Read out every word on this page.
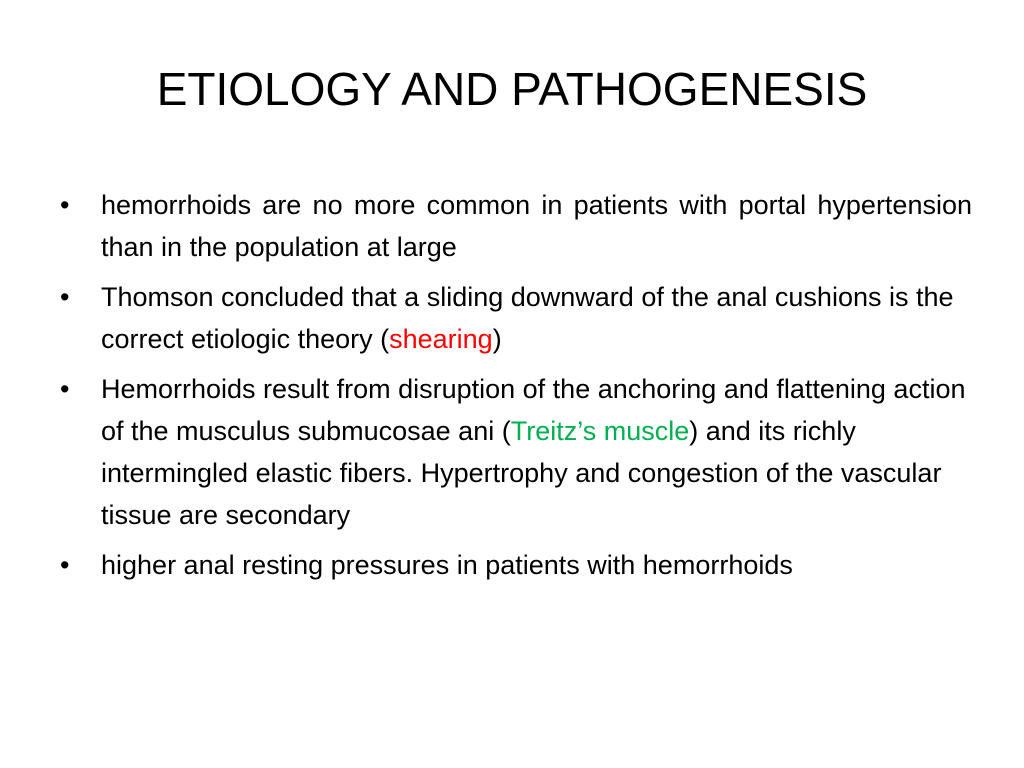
ETIOLOGY AND PATHOGENESIS
• hemorrhoids are no more common in patients with portal hypertension than in the population at large
• Thomson concluded that a sliding downward of the anal cushions is the correct etiologic theory (shearing)
• Hemorrhoids result from disruption of the anchoring and flattening action of the musculus submucosae ani (Treitz’s muscle) and its richly intermingled elastic fibers. Hypertrophy and congestion of the vascular tissue are secondary
• higher anal resting pressures in patients with hemorrhoids
